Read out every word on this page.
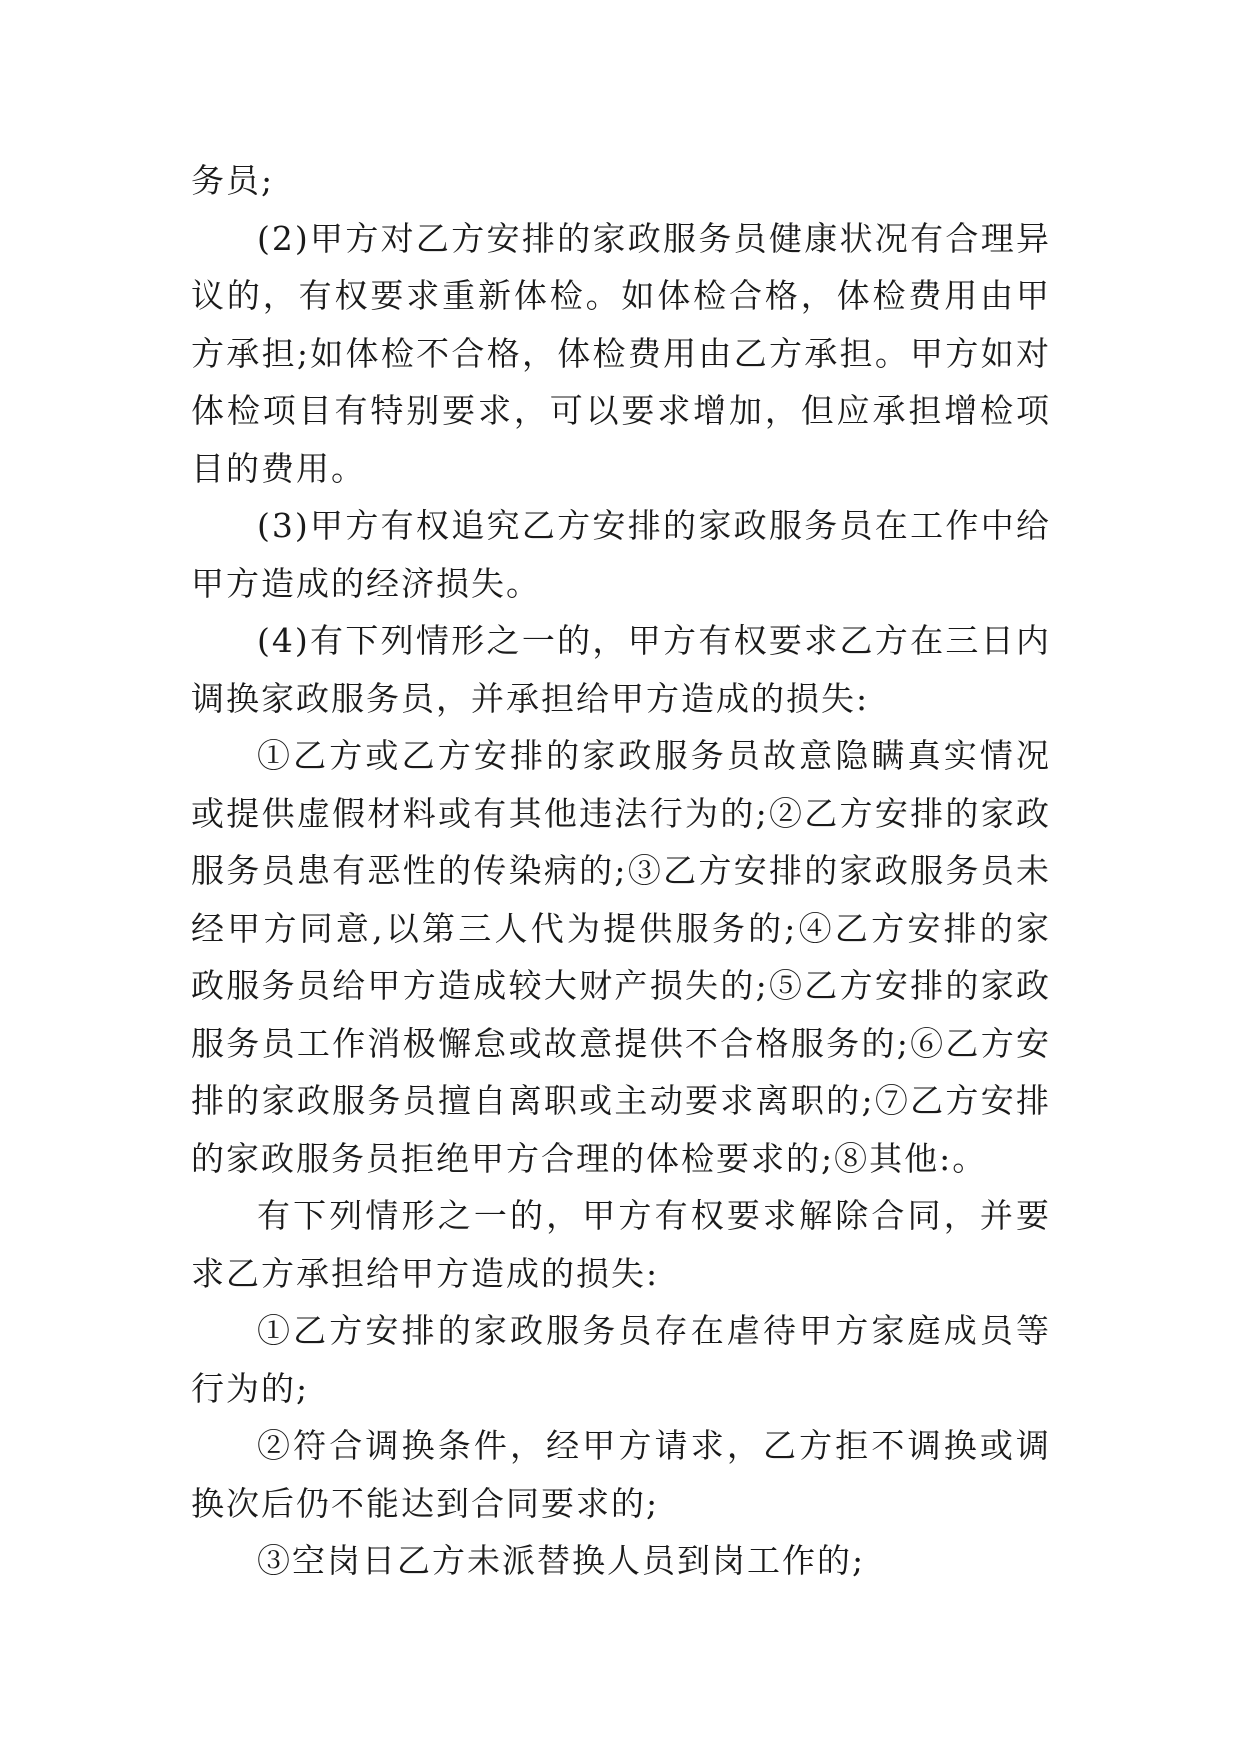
务员;

(2)甲方对乙方安排的家政服务员健康状况有合理异议的，有权要求重新体检。如体检合格，体检费用由甲方承担;如体检不合格，体检费用由乙方承担。甲方如对体检项目有特别要求，可以要求增加，但应承担增检项目的费用。

(3)甲方有权追究乙方安排的家政服务员在工作中给甲方造成的经济损失。

(4)有下列情形之一的，甲方有权要求乙方在三日内调换家政服务员，并承担给甲方造成的损失:

①乙方或乙方安排的家政服务员故意隐瞒真实情况或提供虚假材料或有其他违法行为的;②乙方安排的家政服务员患有恶性的传染病的;③乙方安排的家政服务员未经甲方同意,以第三人代为提供服务的;④乙方安排的家政服务员给甲方造成较大财产损失的;⑤乙方安排的家政服务员工作消极懈怠或故意提供不合格服务的;⑥乙方安排的家政服务员擅自离职或主动要求离职的;⑦乙方安排的家政服务员拒绝甲方合理的体检要求的;⑧其他:。

有下列情形之一的，甲方有权要求解除合同，并要求乙方承担给甲方造成的损失:

①乙方安排的家政服务员存在虐待甲方家庭成员等行为的;

②符合调换条件，经甲方请求，乙方拒不调换或调换次后仍不能达到合同要求的;

③空岗日乙方未派替换人员到岗工作的;
